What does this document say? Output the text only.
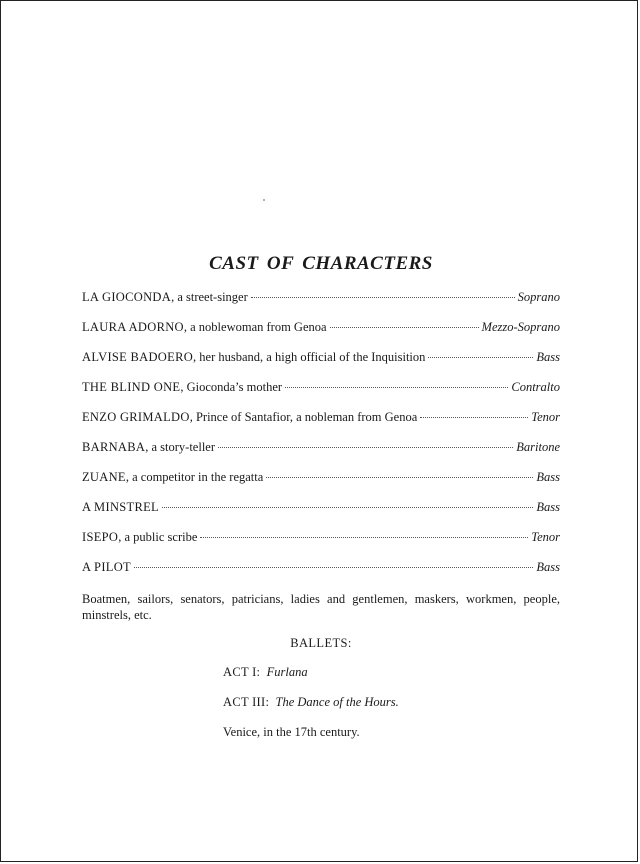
CAST OF CHARACTERS
LA GIOCONDA, a street-singer	Soprano
LAURA ADORNO, a noblewoman from Genoa	Mezzo-Soprano
ALVISE BADOERO, her husband, a high official of the Inquisition	Bass
THE BLIND ONE, Gioconda’s mother	Contralto
ENZO GRIMALDO, Prince of Santafior, a nobleman from Genoa	Tenor
BARNABA, a story-teller	Baritone
ZUANE, a competitor in the regatta	Bass
A MINSTREL	Bass
ISEPO, a public scribe	Tenor
A PILOT	Bass
Boatmen, sailors, senators, patricians, ladies and gentlemen, maskers, workmen, people, minstrels, etc.
BALLETS:
ACT I: Furlana
ACT III: The Dance of the Hours.
Venice, in the 17th century.
